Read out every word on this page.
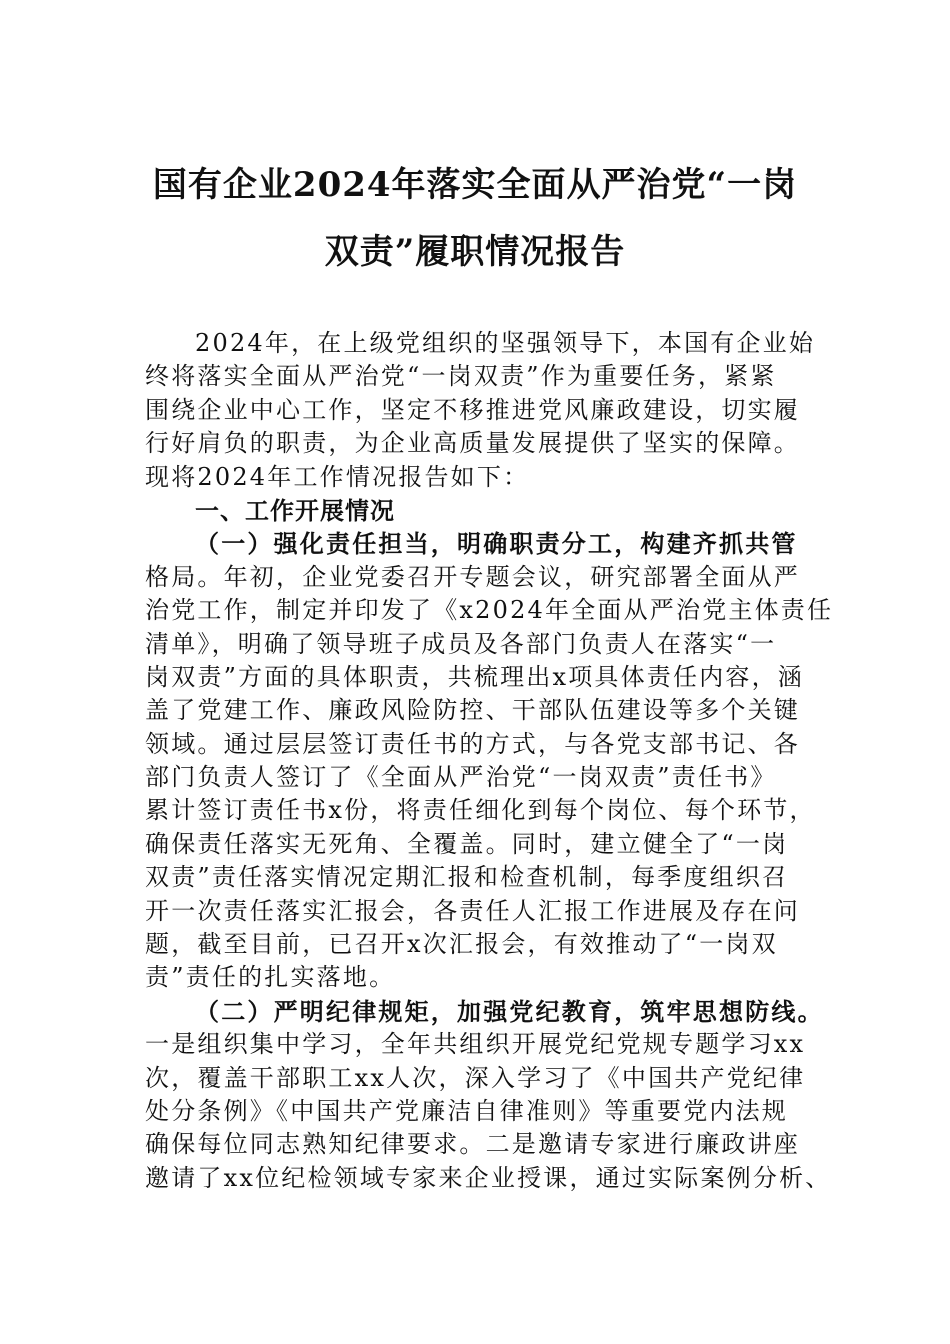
国有企业2024年落实全面从严治党“一岗
双责”履职情况报告
2024年，在上级党组织的坚强领导下，本国有企业始
终将落实全面从严治党“一岗双责”作为重要任务，紧紧
围绕企业中心工作，坚定不移推进党风廉政建设，切实履
行好肩负的职责，为企业高质量发展提供了坚实的保障。
现将2024年工作情况报告如下：
一、工作开展情况
（一）强化责任担当，明确职责分工，构建齐抓共管
格局。年初，企业党委召开专题会议，研究部署全面从严
治党工作，制定并印发了《x2024年全面从严治党主体责任
清单》，明确了领导班子成员及各部门负责人在落实“一
岗双责”方面的具体职责，共梳理出x项具体责任内容，涵
盖了党建工作、廉政风险防控、干部队伍建设等多个关键
领域。通过层层签订责任书的方式，与各党支部书记、各
部门负责人签订了《全面从严治党“一岗双责”责任书》
累计签订责任书x份，将责任细化到每个岗位、每个环节，
确保责任落实无死角、全覆盖。同时，建立健全了“一岗
双责”责任落实情况定期汇报和检查机制，每季度组织召
开一次责任落实汇报会，各责任人汇报工作进展及存在问
题，截至目前，已召开x次汇报会，有效推动了“一岗双
责”责任的扎实落地。
（二）严明纪律规矩，加强党纪教育，筑牢思想防线。
一是组织集中学习，全年共组织开展党纪党规专题学习xx
次，覆盖干部职工xx人次，深入学习了《中国共产党纪律
处分条例》《中国共产党廉洁自律准则》等重要党内法规
确保每位同志熟知纪律要求。二是邀请专家进行廉政讲座
邀请了xx位纪检领域专家来企业授课，通过实际案例分析、
